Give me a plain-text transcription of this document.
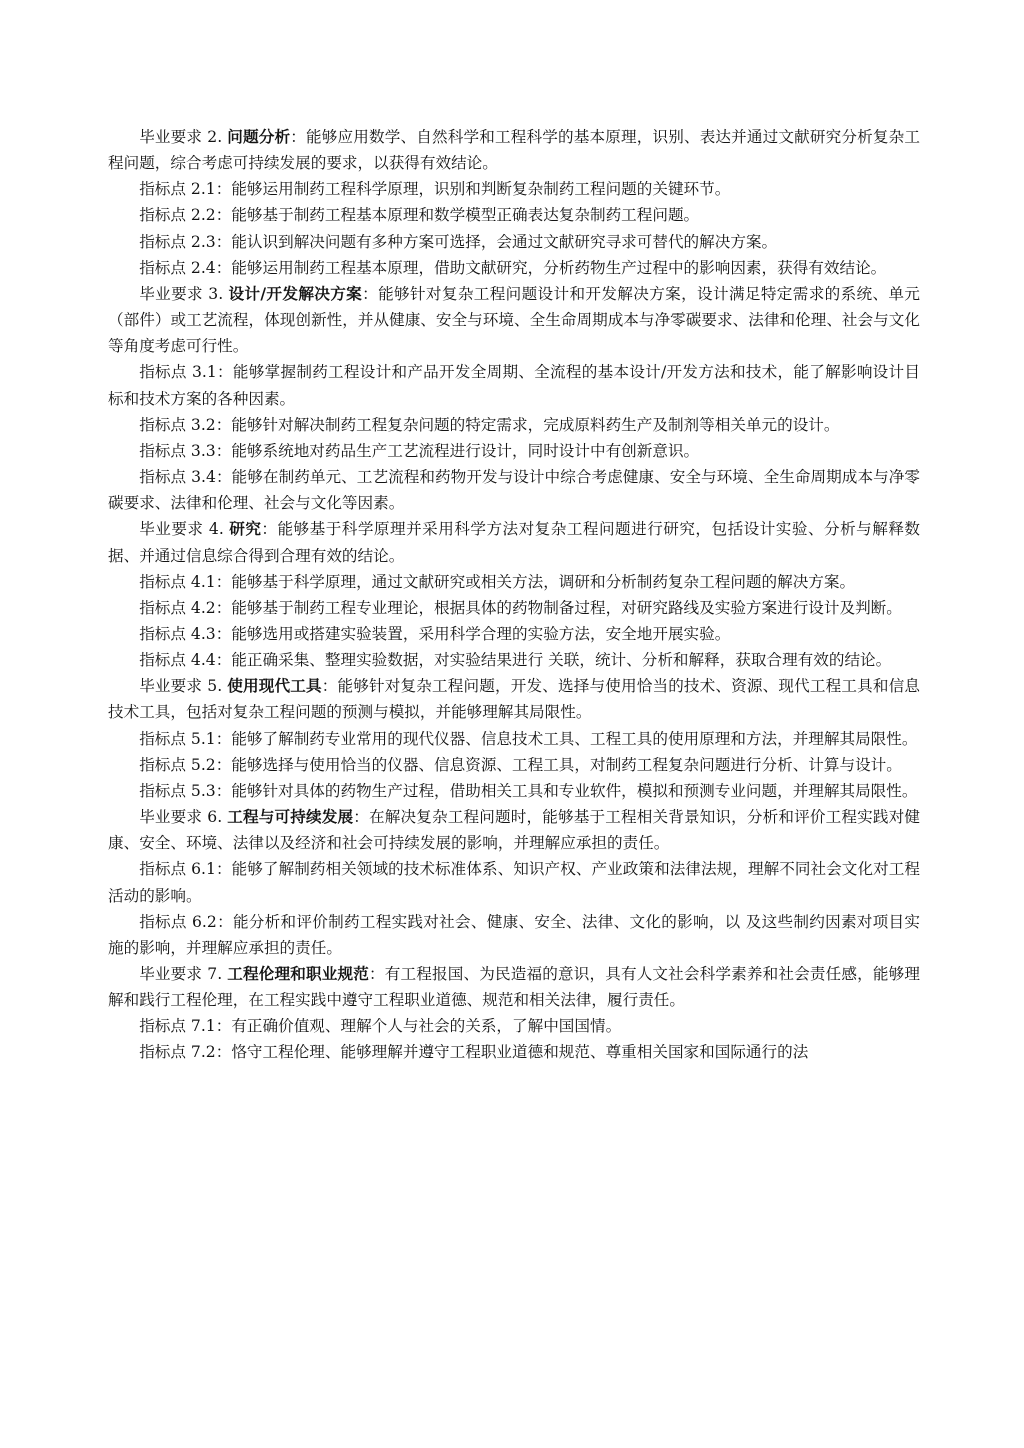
毕业要求 2. 问题分析：能够应用数学、自然科学和工程科学的基本原理，识别、表达并通过文献研究分析复杂工程问题，综合考虑可持续发展的要求，以获得有效结论。

指标点 2.1：能够运用制药工程科学原理，识别和判断复杂制药工程问题的关键环节。

指标点 2.2：能够基于制药工程基本原理和数学模型正确表达复杂制药工程问题。

指标点 2.3：能认识到解决问题有多种方案可选择，会通过文献研究寻求可替代的解决方案。

指标点 2.4：能够运用制药工程基本原理，借助文献研究，分析药物生产过程中的影响因素，获得有效结论。

毕业要求 3. 设计/开发解决方案：能够针对复杂工程问题设计和开发解决方案，设计满足特定需求的系统、单元（部件）或工艺流程，体现创新性，并从健康、安全与环境、全生命周期成本与净零碳要求、法律和伦理、社会与文化等角度考虑可行性。

指标点 3.1：能够掌握制药工程设计和产品开发全周期、全流程的基本设计/开发方法和技术，能了解影响设计目标和技术方案的各种因素。

指标点 3.2：能够针对解决制药工程复杂问题的特定需求，完成原料药生产及制剂等相关单元的设计。

指标点 3.3：能够系统地对药品生产工艺流程进行设计，同时设计中有创新意识。

指标点 3.4：能够在制药单元、工艺流程和药物开发与设计中综合考虑健康、安全与环境、全生命周期成本与净零碳要求、法律和伦理、社会与文化等因素。

毕业要求 4. 研究：能够基于科学原理并采用科学方法对复杂工程问题进行研究，包括设计实验、分析与解释数据、并通过信息综合得到合理有效的结论。

指标点 4.1：能够基于科学原理，通过文献研究或相关方法，调研和分析制药复杂工程问题的解决方案。

指标点 4.2：能够基于制药工程专业理论，根据具体的药物制备过程，对研究路线及实验方案进行设计及判断。

指标点 4.3：能够选用或搭建实验装置，采用科学合理的实验方法，安全地开展实验。

指标点 4.4：能正确采集、整理实验数据，对实验结果进行 关联，统计、分析和解释，获取合理有效的结论。

毕业要求 5. 使用现代工具：能够针对复杂工程问题，开发、选择与使用恰当的技术、资源、现代工程工具和信息技术工具，包括对复杂工程问题的预测与模拟，并能够理解其局限性。

指标点 5.1：能够了解制药专业常用的现代仪器、信息技术工具、工程工具的使用原理和方法，并理解其局限性。

指标点 5.2：能够选择与使用恰当的仪器、信息资源、工程工具，对制药工程复杂问题进行分析、计算与设计。

指标点 5.3：能够针对具体的药物生产过程，借助相关工具和专业软件，模拟和预测专业问题，并理解其局限性。

毕业要求 6. 工程与可持续发展：在解决复杂工程问题时，能够基于工程相关背景知识，分析和评价工程实践对健康、安全、环境、法律以及经济和社会可持续发展的影响，并理解应承担的责任。

指标点 6.1：能够了解制药相关领域的技术标准体系、知识产权、产业政策和法律法规，理解不同社会文化对工程活动的影响。

指标点 6.2：能分析和评价制药工程实践对社会、健康、安全、法律、文化的影响，以 及这些制约因素对项目实施的影响，并理解应承担的责任。

毕业要求 7. 工程伦理和职业规范：有工程报国、为民造福的意识，具有人文社会科学素养和社会责任感，能够理解和践行工程伦理，在工程实践中遵守工程职业道德、规范和相关法律，履行责任。

指标点 7.1：有正确价值观、理解个人与社会的关系，了解中国国情。

指标点 7.2：恪守工程伦理、能够理解并遵守工程职业道德和规范、尊重相关国家和国际通行的法
